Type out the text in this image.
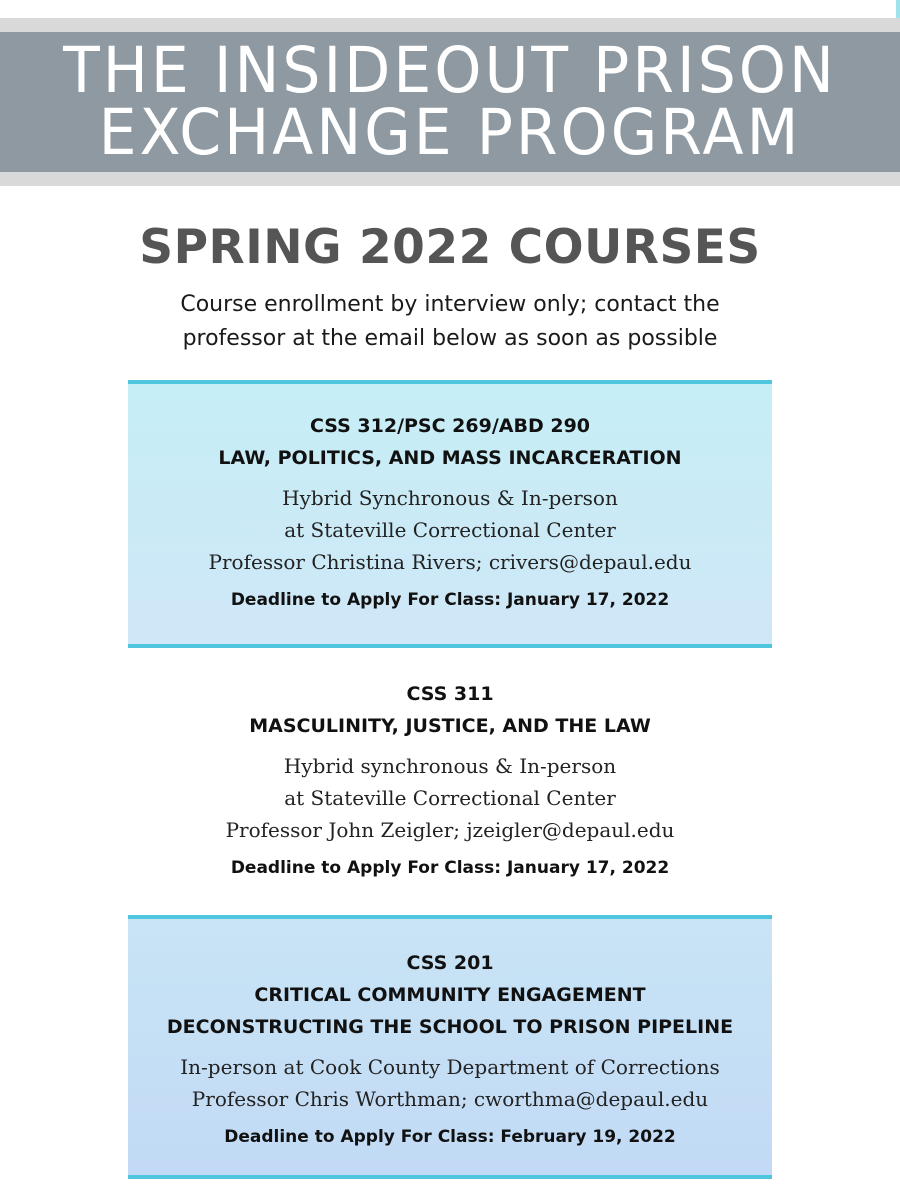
THE INSIDEOUT PRISON
EXCHANGE PROGRAM
SPRING 2022 COURSES
Course enrollment by interview only; contact the
professor at the email below as soon as possible
CSS 312/PSC 269/ABD 290
LAW, POLITICS, AND MASS INCARCERATION
Hybrid Synchronous & In-person
at Stateville Correctional Center
Professor Christina Rivers; crivers@depaul.edu
Deadline to Apply For Class: January 17, 2022
CSS 311
MASCULINITY, JUSTICE, AND THE LAW
Hybrid synchronous & In-person
at Stateville Correctional Center
Professor John Zeigler; jzeigler@depaul.edu
Deadline to Apply For Class: January 17, 2022
CSS 201
CRITICAL COMMUNITY ENGAGEMENT
DECONSTRUCTING THE SCHOOL TO PRISON PIPELINE
In-person at Cook County Department of Corrections
Professor Chris Worthman; cworthma@depaul.edu
Deadline to Apply For Class: February 19, 2022
